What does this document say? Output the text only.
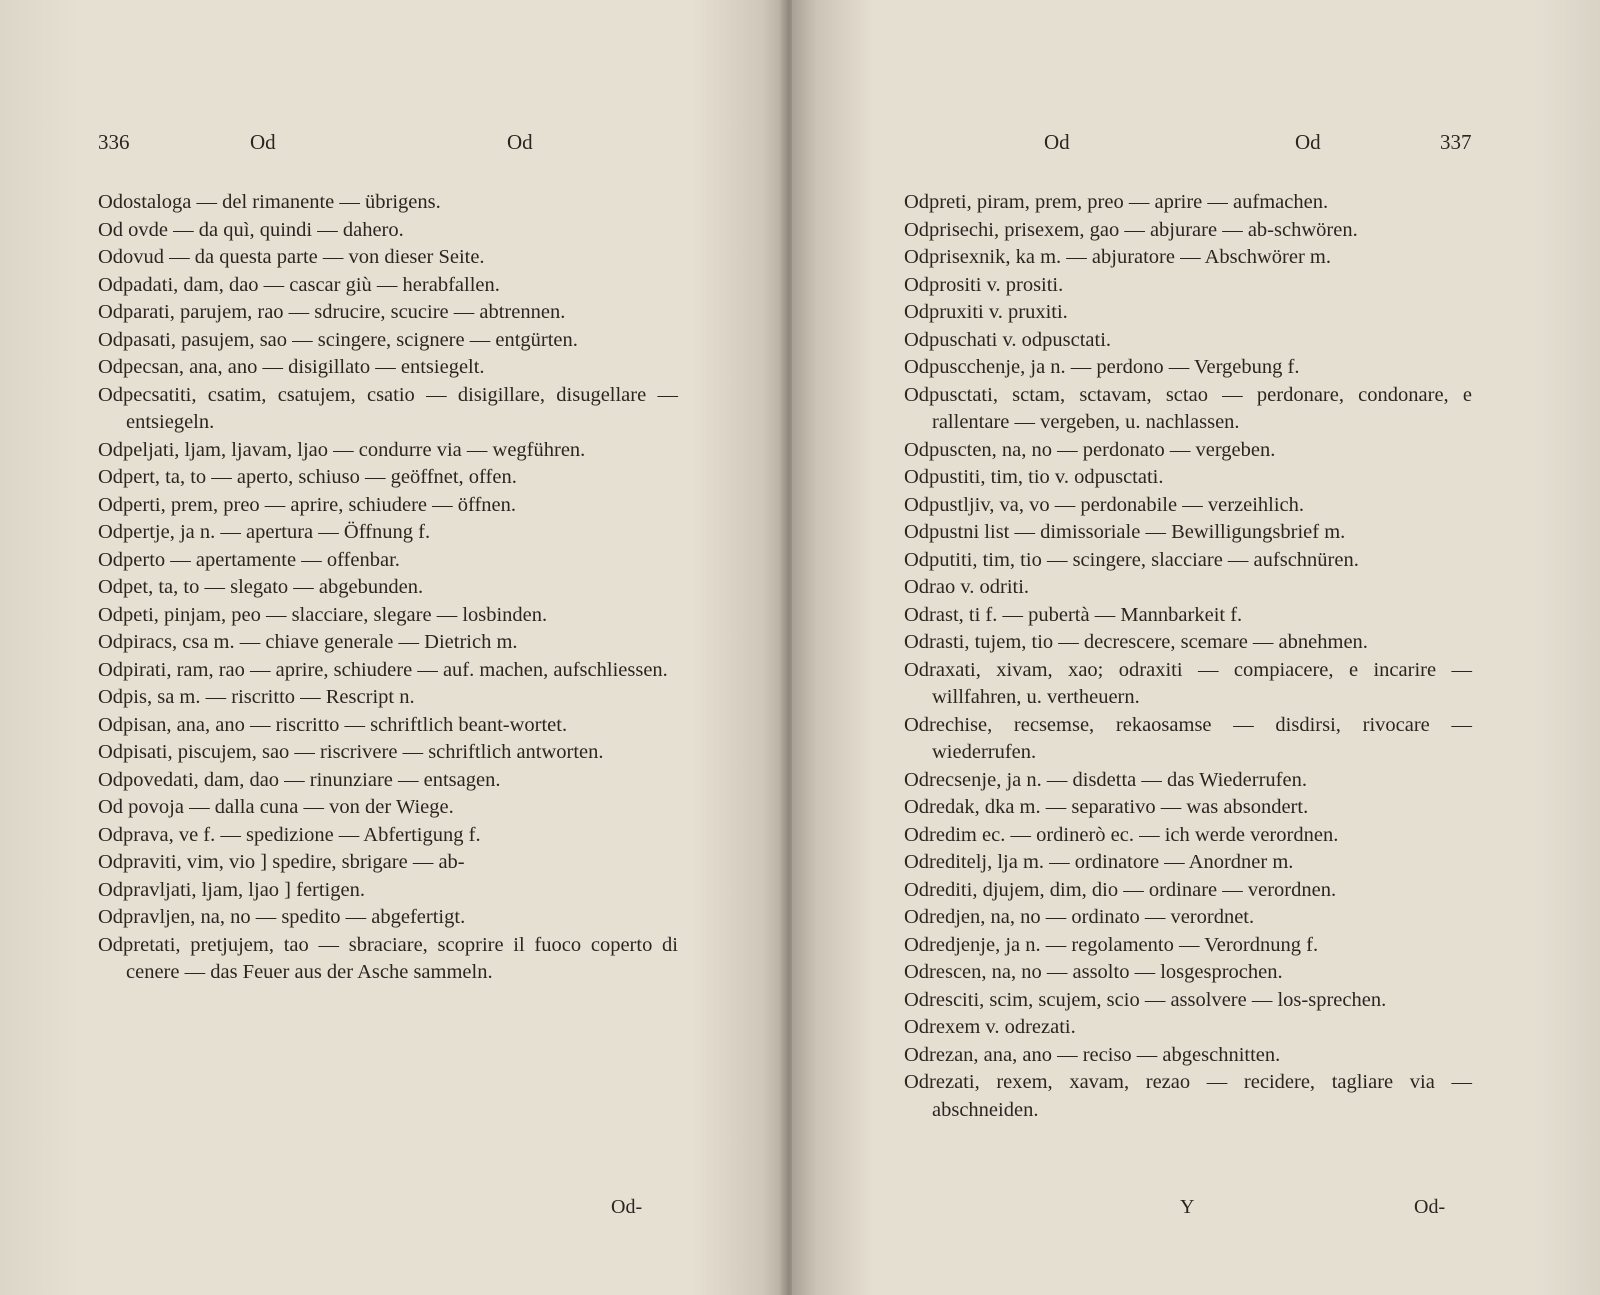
336	Od	Od
Odostaloga — del rimanente — übrigens.
Od ovde — da quì, quindi — dahero.
Odovud — da questa parte — von dieser Seite.
Odpadati, dam, dao — cascar giù — herabfallen.
Odparati, parujem, rao — sdrucire, scucire — abtrennen.
Odpasati, pasujem, sao — scingere, scignere — entgürten.
Odpecsan, ana, ano — disigillato — entsiegelt.
Odpecsatiti, csatim, csatujem, csatio — disigillare, disugellare — entsiegeln.
Odpeljati, ljam, ljavam, ljao — condurre via — wegführen.
Odpert, ta, to — aperto, schiuso — geöffnet, offen.
Odperti, prem, preo — aprire, schiudere — öffnen.
Odpertje, ja n. — apertura — Öffnung f.
Odperto — apertamente — offenbar.
Odpet, ta, to — slegato — abgebunden.
Odpeti, pinjam, peo — slacciare, slegare — losbinden.
Odpiracs, csa m. — chiave generale — Dietrich m.
Odpirati, ram, rao — aprire, schiudere — auf. machen, aufschliessen.
Odpis, sa m. — riscritto — Rescript n.
Odpisan, ana, ano — riscritto — schriftlich beant-wortet.
Odpisati, piscujem, sao — riscrivere — schriftlich antworten.
Odpovedati, dam, dao — rinunziare — entsagen.
Od povoja — dalla cuna — von der Wiege.
Odprava, ve f. — spedizione — Abfertigung f.
Odpraviti, vim, vio ] spedire, sbrigare — ab-
Odpravljati, ljam, ljao ] fertigen.
Odpravljen, na, no — spedito — abgefertigt.
Odpretati, pretjujem, tao — sbraciare, scoprire il fuoco coperto di cenere — das Feuer aus der Asche sammeln.
Od-
Od	Od	337
Odpreti, piram, prem, preo — aprire — aufmachen.
Odprisechi, prisexem, gao — abjurare — ab-schwören.
Odprisexnik, ka m. — abjuratore — Abschwörer m.
Odprositi v. prositi.
Odpruxiti v. pruxiti.
Odpuschati v. odpusctati.
Odpuscchenje, ja n. — perdono — Vergebung f.
Odpusctati, sctam, sctavam, sctao — perdonare, condonare, e rallentare — vergeben, u. nachlassen.
Odpuscten, na, no — perdonato — vergeben.
Odpustiti, tim, tio v. odpusctati.
Odpustljiv, va, vo — perdonabile — verzeihlich.
Odpustni list — dimissoriale — Bewilligungsbrief m.
Odputiti, tim, tio — scingere, slacciare — aufschnüren.
Odrao v. odriti.
Odrast, ti f. — pubertà — Mannbarkeit f.
Odrasti, tujem, tio — decrescere, scemare — abnehmen.
Odraxati, xivam, xao; odraxiti — compiacere, e incarire — willfahren, u. vertheuern.
Odrechise, recsemse, rekaosamse — disdirsi, rivocare — wiederrufen.
Odrecsenje, ja n. — disdetta — das Wiederrufen.
Odredak, dka m. — separativo — was absondert.
Odredim ec. — ordinerò ec. — ich werde verordnen.
Odreditelj, lja m. — ordinatore — Anordner m.
Odrediti, djujem, dim, dio — ordinare — verordnen.
Odredjen, na, no — ordinato — verordnet.
Odredjenje, ja n. — regolamento — Verordnung f.
Odrescen, na, no — assolto — losgesprochen.
Odresciti, scim, scujem, scio — assolvere — los-sprechen.
Odrexem v. odrezati.
Odrezan, ana, ano — reciso — abgeschnitten.
Odrezati, rexem, xavam, rezao — recidere, tagliare via — abschneiden.
Y	Od-
